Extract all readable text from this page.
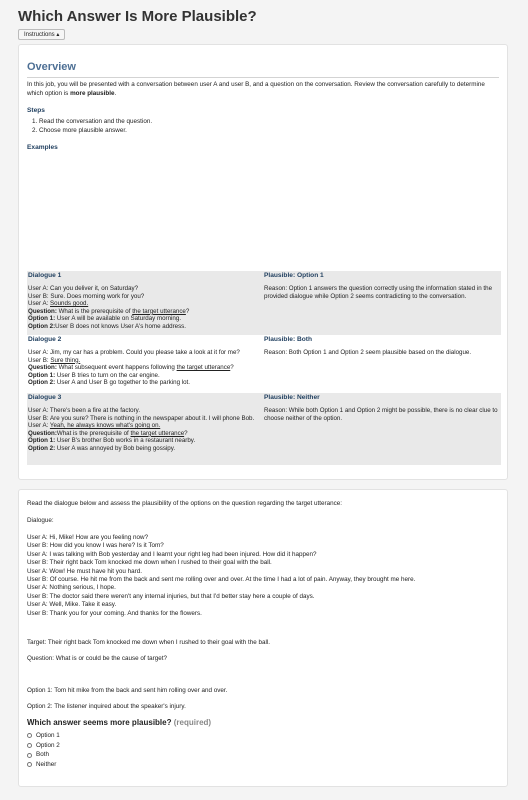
Which Answer Is More Plausible?
Instructions ▴
Overview
In this job, you will be presented with a conversation between user A and user B, and a question on the conversation. Review the conversation carefully to determine which option is more plausible.
Steps
1. Read the conversation and the question.
2. Choose more plausible answer.
Examples
Dialogue 1
User A: Can you deliver it, on Saturday?
User B: Sure. Does morning work for you?
User A: Sounds good.
Question: What is the prerequisite of the target utterance?
Option 1: User A will be available on Saturday morning.
Option 2:User B does not knows User A's home address.
Plausible: Option 1
Reason: Option 1 answers the question correctly using the information stated in the provided dialogue while Option 2 seems contradicting to the conversation.
Dialogue 2
User A: Jim, my car has a problem. Could you please take a look at it for me?
User B: Sure thing.
Question: What subsequent event happens following the target utterance?
Option 1: User B tries to turn on the car engine.
Option 2: User A and User B go together to the parking lot.
Plausible: Both
Reason: Both Option 1 and Option 2 seem plausible based on the dialogue.
Dialogue 3
User A: There's been a fire at the factory.
User B: Are you sure? There is nothing in the newspaper about it. I will phone Bob.
User A: Yeah, he always knows what's going on.
Question:What is the prerequisite of the target utterance?
Option 1: User B's brother Bob works in a restaurant nearby.
Option 2: User A was annoyed by Bob being gossipy.
Plausible: Neither
Reason: While both Option 1 and Option 2 might be possible, there is no clear clue to choose neither of the option.
Read the dialogue below and assess the plausibility of the options on the question regarding the target utterance:
Dialogue:
User A: Hi, Mike! How are you feeling now?
User B: How did you know I was here? Is it Tom?
User A: I was talking with Bob yesterday and I learnt your right leg had been injured. How did it happen?
User B: Their right back Tom knocked me down when I rushed to their goal with the ball.
User A: Wow! He must have hit you hard.
User B: Of course. He hit me from the back and sent me rolling over and over. At the time I had a lot of pain. Anyway, they brought me here.
User A: Nothing serious, I hope.
User B: The doctor said there weren't any internal injuries, but that I'd better stay here a couple of days.
User A: Well, Mike. Take it easy.
User B: Thank you for your coming. And thanks for the flowers.
Target: Their right back Tom knocked me down when I rushed to their goal with the ball.
Question: What is or could be the cause of target?
Option 1: Tom hit mike from the back and sent him rolling over and over.
Option 2: The listener inquired about the speaker's injury.
Which answer seems more plausible? (required)
Option 1
Option 2
Both
Neither
